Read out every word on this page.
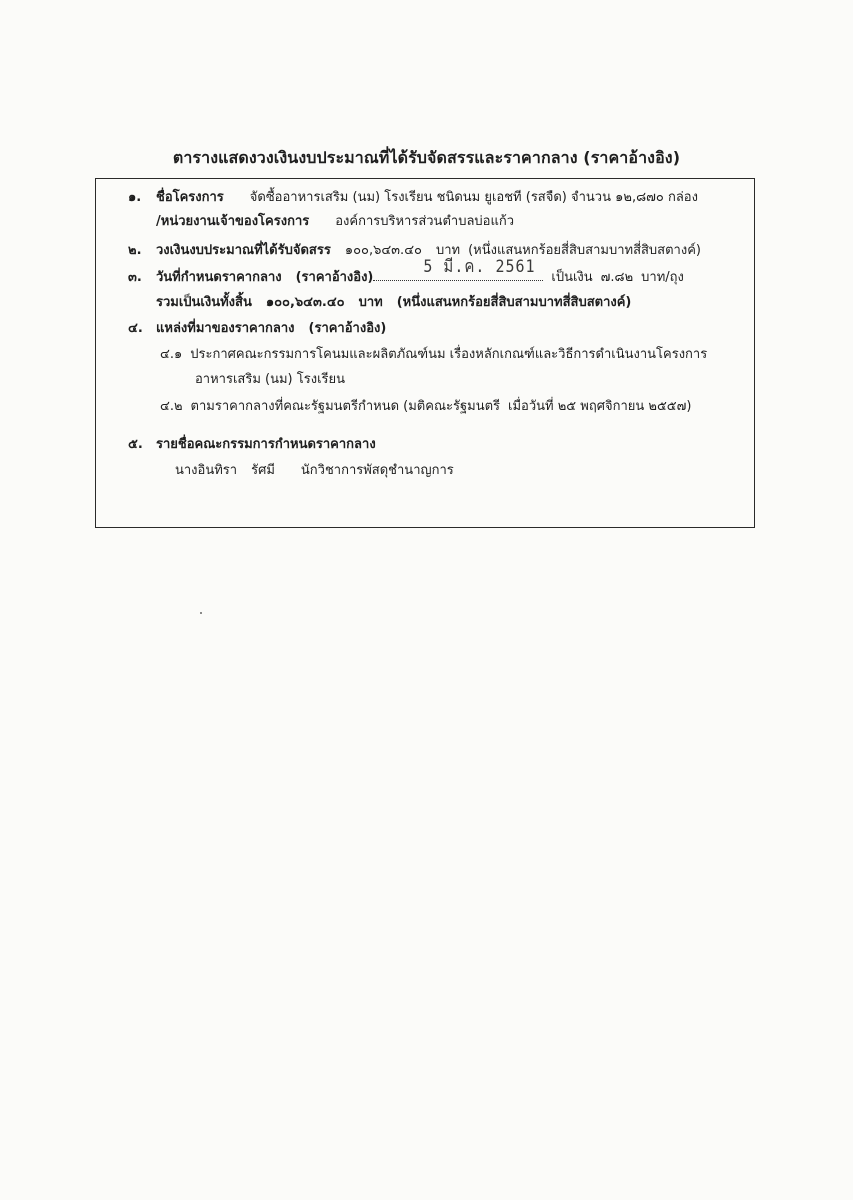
ตารางแสดงวงเงินงบประมาณที่ได้รับจัดสรรและราคากลาง (ราคาอ้างอิง)
๑. ชื่อโครงการ จัดซื้ออาหารเสริม (นม) โรงเรียน ชนิดนม ยูเอชที (รสจืด) จำนวน ๑๒,๘๗๐ กล่อง
/หน่วยงานเจ้าของโครงการ องค์การบริหารส่วนตำบลบ่อแก้ว
๒. วงเงินงบประมาณที่ได้รับจัดสรร ๑๐๐,๖๔๓.๔๐ บาท (หนึ่งแสนหกร้อยสี่สิบสามบาทสี่สิบสตางค์)
๓. วันที่กำหนดราคากลาง (ราคาอ้างอิง)
5 มี.ค. 2561
เป็นเงิน ๗.๘๒ บาท/ถุง
รวมเป็นเงินทั้งสิ้น ๑๐๐,๖๔๓.๔๐ บาท (หนึ่งแสนหกร้อยสี่สิบสามบาทสี่สิบสตางค์)
๔. แหล่งที่มาของราคากลาง (ราคาอ้างอิง)
๔.๑ ประกาศคณะกรรมการโคนมและผลิตภัณฑ์นม เรื่องหลักเกณฑ์และวิธีการดำเนินงานโครงการ
อาหารเสริม (นม) โรงเรียน
๔.๒ ตามราคากลางที่คณะรัฐมนตรีกำหนด (มติคณะรัฐมนตรี เมื่อวันที่ ๒๕ พฤศจิกายน ๒๕๕๗)
๕. รายชื่อคณะกรรมการกำหนดราคากลาง
นางอินทิรา รัศมี นักวิชาการพัสดุชำนาญการ
